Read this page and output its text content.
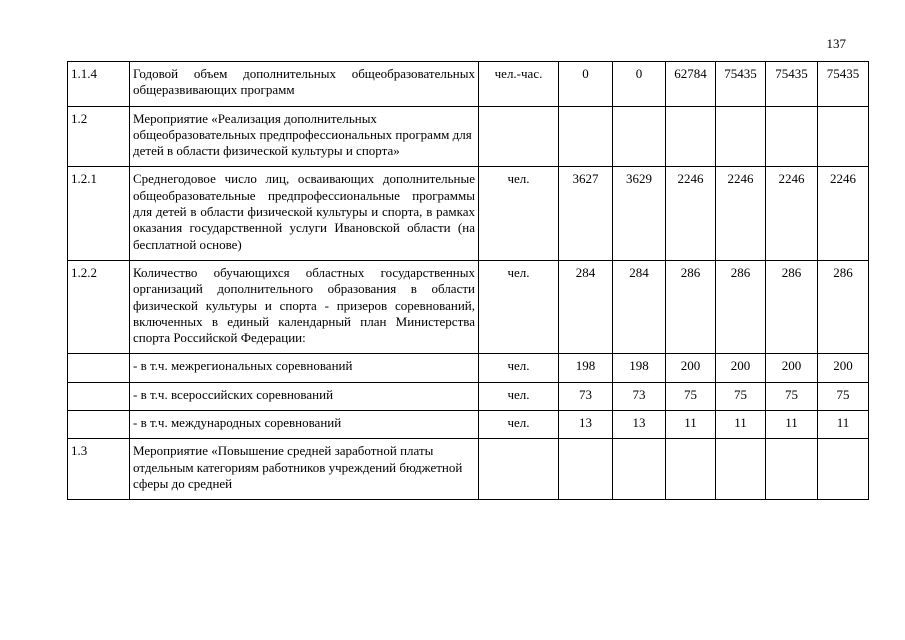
137
1.1.4	Годовой объем дополнительных общеобразовательных общеразвивающих программ	чел.-час.	0	0	62784	75435	75435	75435
1.2	Мероприятие «Реализация дополнительных общеобразовательных предпрофессиональных программ для детей в области физической культуры и спорта»							
1.2.1	Среднегодовое число лиц, осваивающих дополнительные общеобразовательные предпрофессиональные программы для детей в области физической культуры и спорта, в рамках оказания государственной услуги Ивановской области (на бесплатной основе)	чел.	3627	3629	2246	2246	2246	2246
1.2.2	Количество обучающихся областных государственных организаций дополнительного образования в области физической культуры и спорта - призеров соревнований, включенных в единый календарный план Министерства спорта Российской Федерации:	чел.	284	284	286	286	286	286
	- в т.ч. межрегиональных соревнований	чел.	198	198	200	200	200	200
	- в т.ч. всероссийских соревнований	чел.	73	73	75	75	75	75
	- в т.ч. международных соревнований	чел.	13	13	11	11	11	11
1.3	Мероприятие «Повышение средней заработной платы отдельным категориям работников учреждений бюджетной сферы до средней							
